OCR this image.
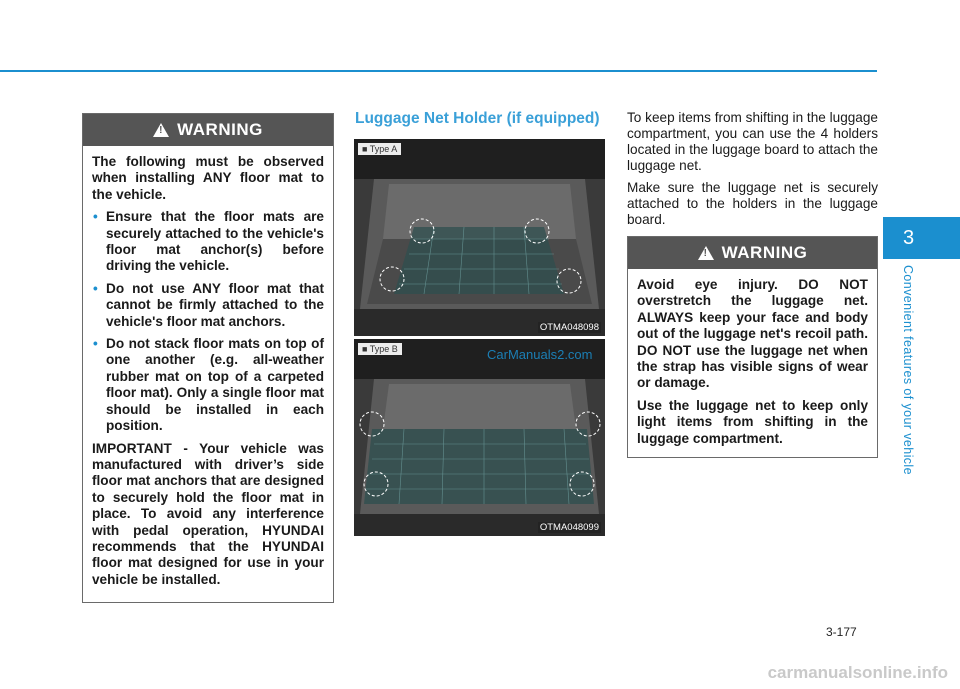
!
WARNING

The following must be observed when installing ANY floor mat to the vehicle.

• Ensure that the floor mats are securely attached to the vehicle's floor mat anchor(s) before driving the vehicle.
• Do not use ANY floor mat that cannot be firmly attached to the vehicle's floor mat anchors.
• Do not stack floor mats on top of one another (e.g. all-weather rubber mat on top of a carpeted floor mat). Only a single floor mat should be installed in each position.

IMPORTANT - Your vehicle was manufactured with driver’s side floor mat anchors that are designed to securely hold the floor mat in place. To avoid any interference with pedal operation, HYUNDAI recommends that the HYUNDAI floor mat designed for use in your vehicle be installed.

Luggage Net Holder (if equipped)
■ Type A
OTMA048098
■ Type B
OTMA048099
CarManuals2.com

To keep items from shifting in the luggage compartment, you can use the 4 holders located in the luggage board to attach the luggage net.

Make sure the luggage net is securely attached to the holders in the luggage board.

!
WARNING

Avoid eye injury. DO NOT overstretch the luggage net. ALWAYS keep your face and body out of the luggage net's recoil path. DO NOT use the luggage net when the strap has visible signs of wear or damage.

Use the luggage net to keep only light items from shifting in the luggage compartment.

3
Convenient features of your vehicle
3-177
carmanualsonline.info
